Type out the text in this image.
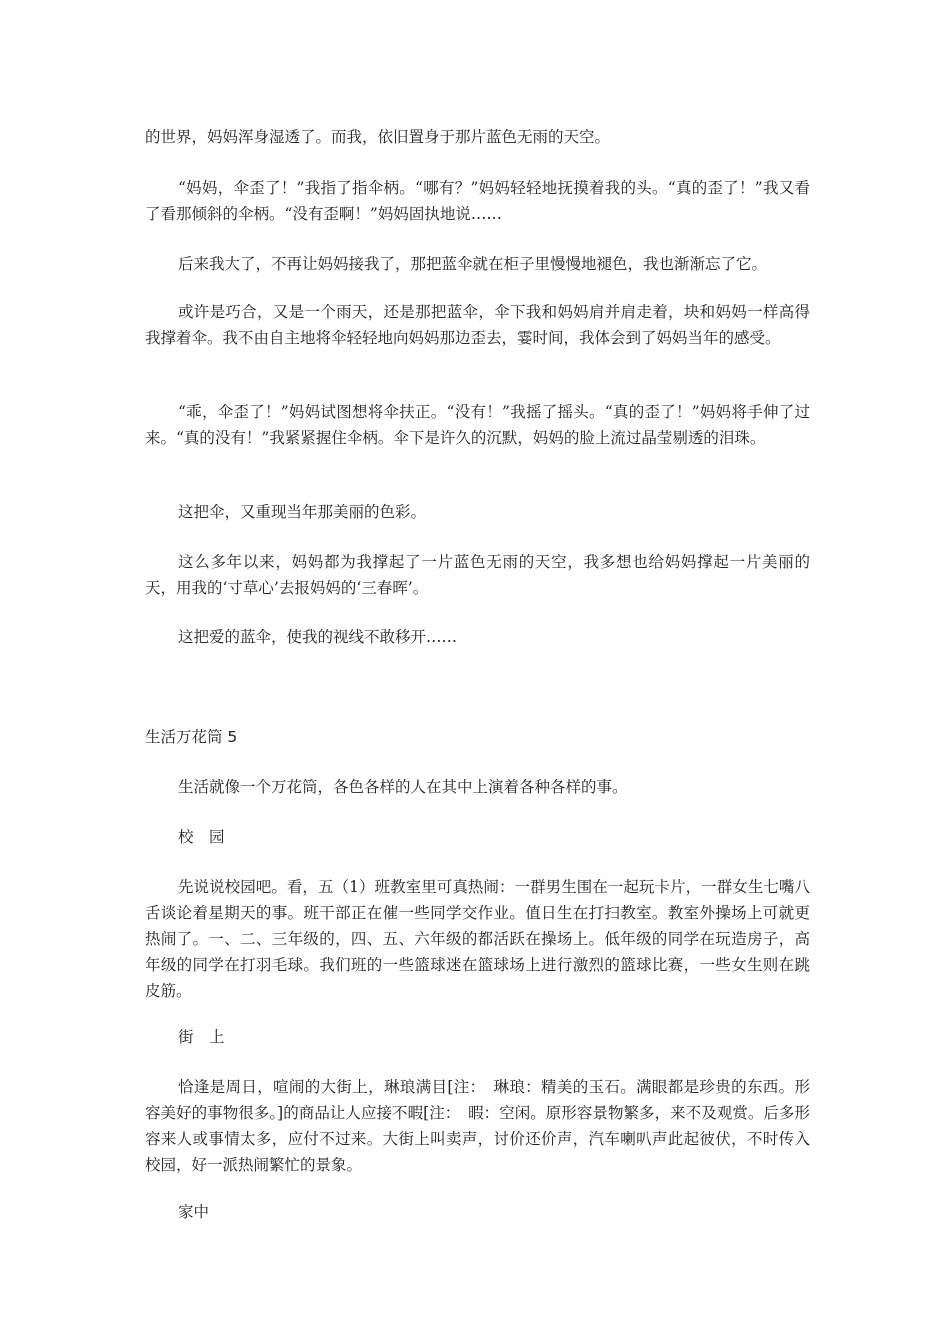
的世界，妈妈浑身湿透了。而我，依旧置身于那片蓝色无雨的天空。

“妈妈，伞歪了！”我指了指伞柄。“哪有？”妈妈轻轻地抚摸着我的头。“真的歪了！”我又看了看那倾斜的伞柄。“没有歪啊！”妈妈固执地说……

后来我大了，不再让妈妈接我了，那把蓝伞就在柜子里慢慢地褪色，我也渐渐忘了它。

或许是巧合，又是一个雨天，还是那把蓝伞，伞下我和妈妈肩并肩走着，块和妈妈一样高得我撑着伞。我不由自主地将伞轻轻地向妈妈那边歪去，霎时间，我体会到了妈妈当年的感受。

“乖，伞歪了！”妈妈试图想将伞扶正。“没有！”我摇了摇头。“真的歪了！”妈妈将手伸了过来。“真的没有！”我紧紧握住伞柄。伞下是许久的沉默，妈妈的脸上流过晶莹剔透的泪珠。

这把伞，又重现当年那美丽的色彩。

这么多年以来，妈妈都为我撑起了一片蓝色无雨的天空，我多想也给妈妈撑起一片美丽的天，用我的‘寸草心’去报妈妈的‘三春晖’。

这把爱的蓝伞，使我的视线不敢移开……

生活万花筒 5

生活就像一个万花筒，各色各样的人在其中上演着各种各样的事。

校　园

先说说校园吧。看，五（1）班教室里可真热闹：一群男生围在一起玩卡片，一群女生七嘴八舌谈论着星期天的事。班干部正在催一些同学交作业。值日生在打扫教室。教室外操场上可就更热闹了。一、二、三年级的，四、五、六年级的都活跃在操场上。低年级的同学在玩造房子，高年级的同学在打羽毛球。我们班的一些篮球迷在篮球场上进行激烈的篮球比赛，一些女生则在跳皮筋。

街　上

恰逢是周日，喧闹的大街上，琳琅满目[注：　琳琅：精美的玉石。满眼都是珍贵的东西。形容美好的事物很多。]的商品让人应接不暇[注：　暇：空闲。原形容景物繁多，来不及观赏。后多形容来人或事情太多，应付不过来。大街上叫卖声，讨价还价声，汽车喇叭声此起彼伏，不时传入校园，好一派热闹繁忙的景象。

家中
